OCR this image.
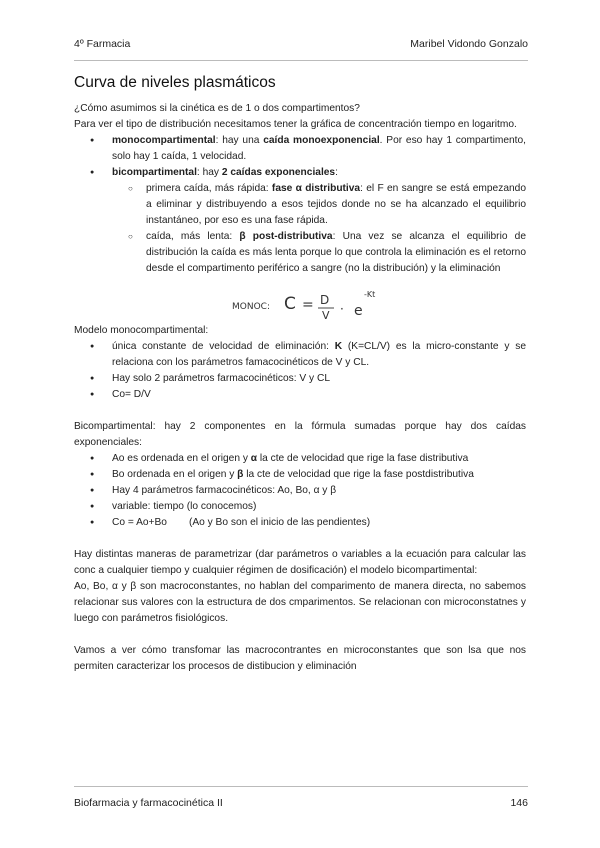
4º Farmacia	Maribel Vidondo Gonzalo
Curva de niveles plasmáticos

¿Cómo asumimos si la cinética es de 1 o dos compartimentos?

Para ver el tipo de distribución necesitamos tener la gráfica de concentración tiempo en logaritmo.

● monocompartimental: hay una caída monoexponencial. Por eso hay 1 compartimento, solo hay 1 caída, 1 velocidad.
● bicompartimental: hay 2 caídas exponenciales:
○ primera caída, más rápida: fase α distributiva: el F en sangre se está empezando a eliminar y distribuyendo a esos tejidos donde no se ha alcanzado el equilibrio instantáneo, por eso es una fase rápida.
○ caída, más lenta: β post-distributiva: Una vez se alcanza el equilibrio de distribución la caída es más lenta porque lo que controla la eliminación es el retorno desde el compartimento periférico a sangre (no la distribución) y la eliminación
MONOC: C = D
V · e
-Kt

Modelo monocompartimental:

● única constante de velocidad de eliminación: K (K=CL/V) es la micro-constante y se relaciona con los parámetros famacocinéticos de V y CL.
● Hay solo 2 parámetros farmacocinéticos: V y CL
● Co= D/V

Bicompartimental: hay 2 componentes en la fórmula sumadas porque hay dos caídas exponenciales:

● Ao es ordenada en el origen y α la cte de velocidad que rige la fase distributiva
● Bo ordenada en el origen y β la cte de velocidad que rige la fase postdistributiva
● Hay 4 parámetros farmacocinéticos: Ao, Bo, α y β
● variable: tiempo (lo conocemos)
● Co = Ao+Bo (Ao y Bo son el inicio de las pendientes)

Hay distintas maneras de parametrizar (dar parámetros o variables a la ecuación para calcular las conc a cualquier tiempo y cualquier régimen de dosificación) el modelo bicompartimental:

Ao, Bo, α y β son macroconstantes, no hablan del comparimento de manera directa, no sabemos relacionar sus valores con la estructura de dos cmparimentos. Se relacionan con microconstatnes y luego con parámetros fisiológicos.

Vamos a ver cómo transfomar las macrocontrantes en microconstantes que son lsa que nos permiten caracterizar los procesos de distibucion y eliminación

Biofarmacia y farmacocinética II	146
